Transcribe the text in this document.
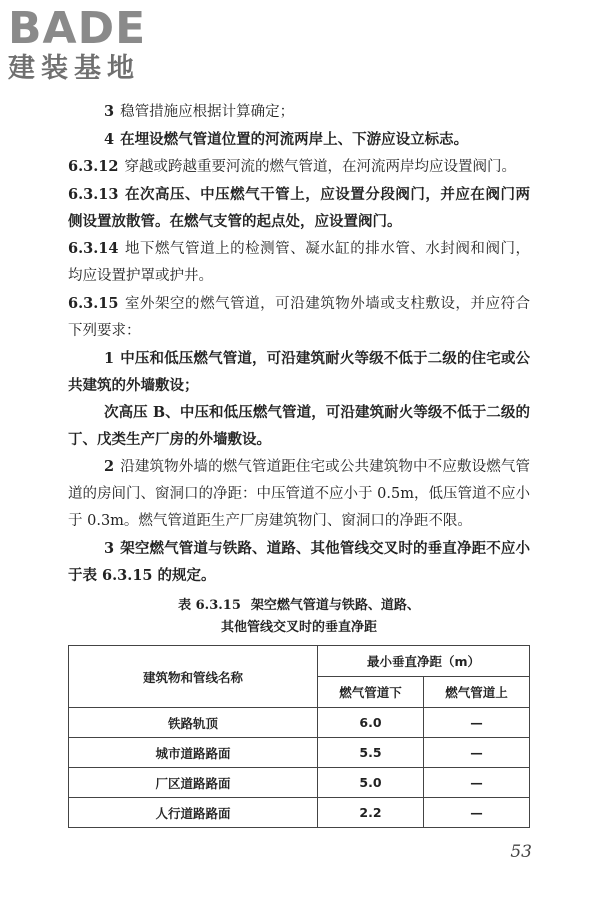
BADE
建装基地

3 稳管措施应根据计算确定；

4 在埋设燃气管道位置的河流两岸上、下游应设立标志。

6.3.12 穿越或跨越重要河流的燃气管道，在河流两岸均应设置阀门。

6.3.13 在次高压、中压燃气干管上，应设置分段阀门，并应在阀门两侧设置放散管。在燃气支管的起点处，应设置阀门。

6.3.14 地下燃气管道上的检测管、凝水缸的排水管、水封阀和阀门，均应设置护罩或护井。

6.3.15 室外架空的燃气管道，可沿建筑物外墙或支柱敷设，并应符合下列要求：

1 中压和低压燃气管道，可沿建筑耐火等级不低于二级的住宅或公共建筑的外墙敷设；

次高压 B、中压和低压燃气管道，可沿建筑耐火等级不低于二级的丁、戊类生产厂房的外墙敷设。

2 沿建筑物外墙的燃气管道距住宅或公共建筑物中不应敷设燃气管道的房间门、窗洞口的净距：中压管道不应小于 0.5m，低压管道不应小于 0.3m。燃气管道距生产厂房建筑物门、窗洞口的净距不限。

3 架空燃气管道与铁路、道路、其他管线交叉时的垂直净距不应小于表 6.3.15 的规定。

表 6.3.15 架空燃气管道与铁路、道路、
其他管线交叉时的垂直净距
建筑物和管线名称	最小垂直净距（m）	
	燃气管道下	燃气管道上
铁路轨顶	6.0	—
城市道路路面	5.5	—
厂区道路路面	5.0	—
人行道路路面	2.2	—
53
